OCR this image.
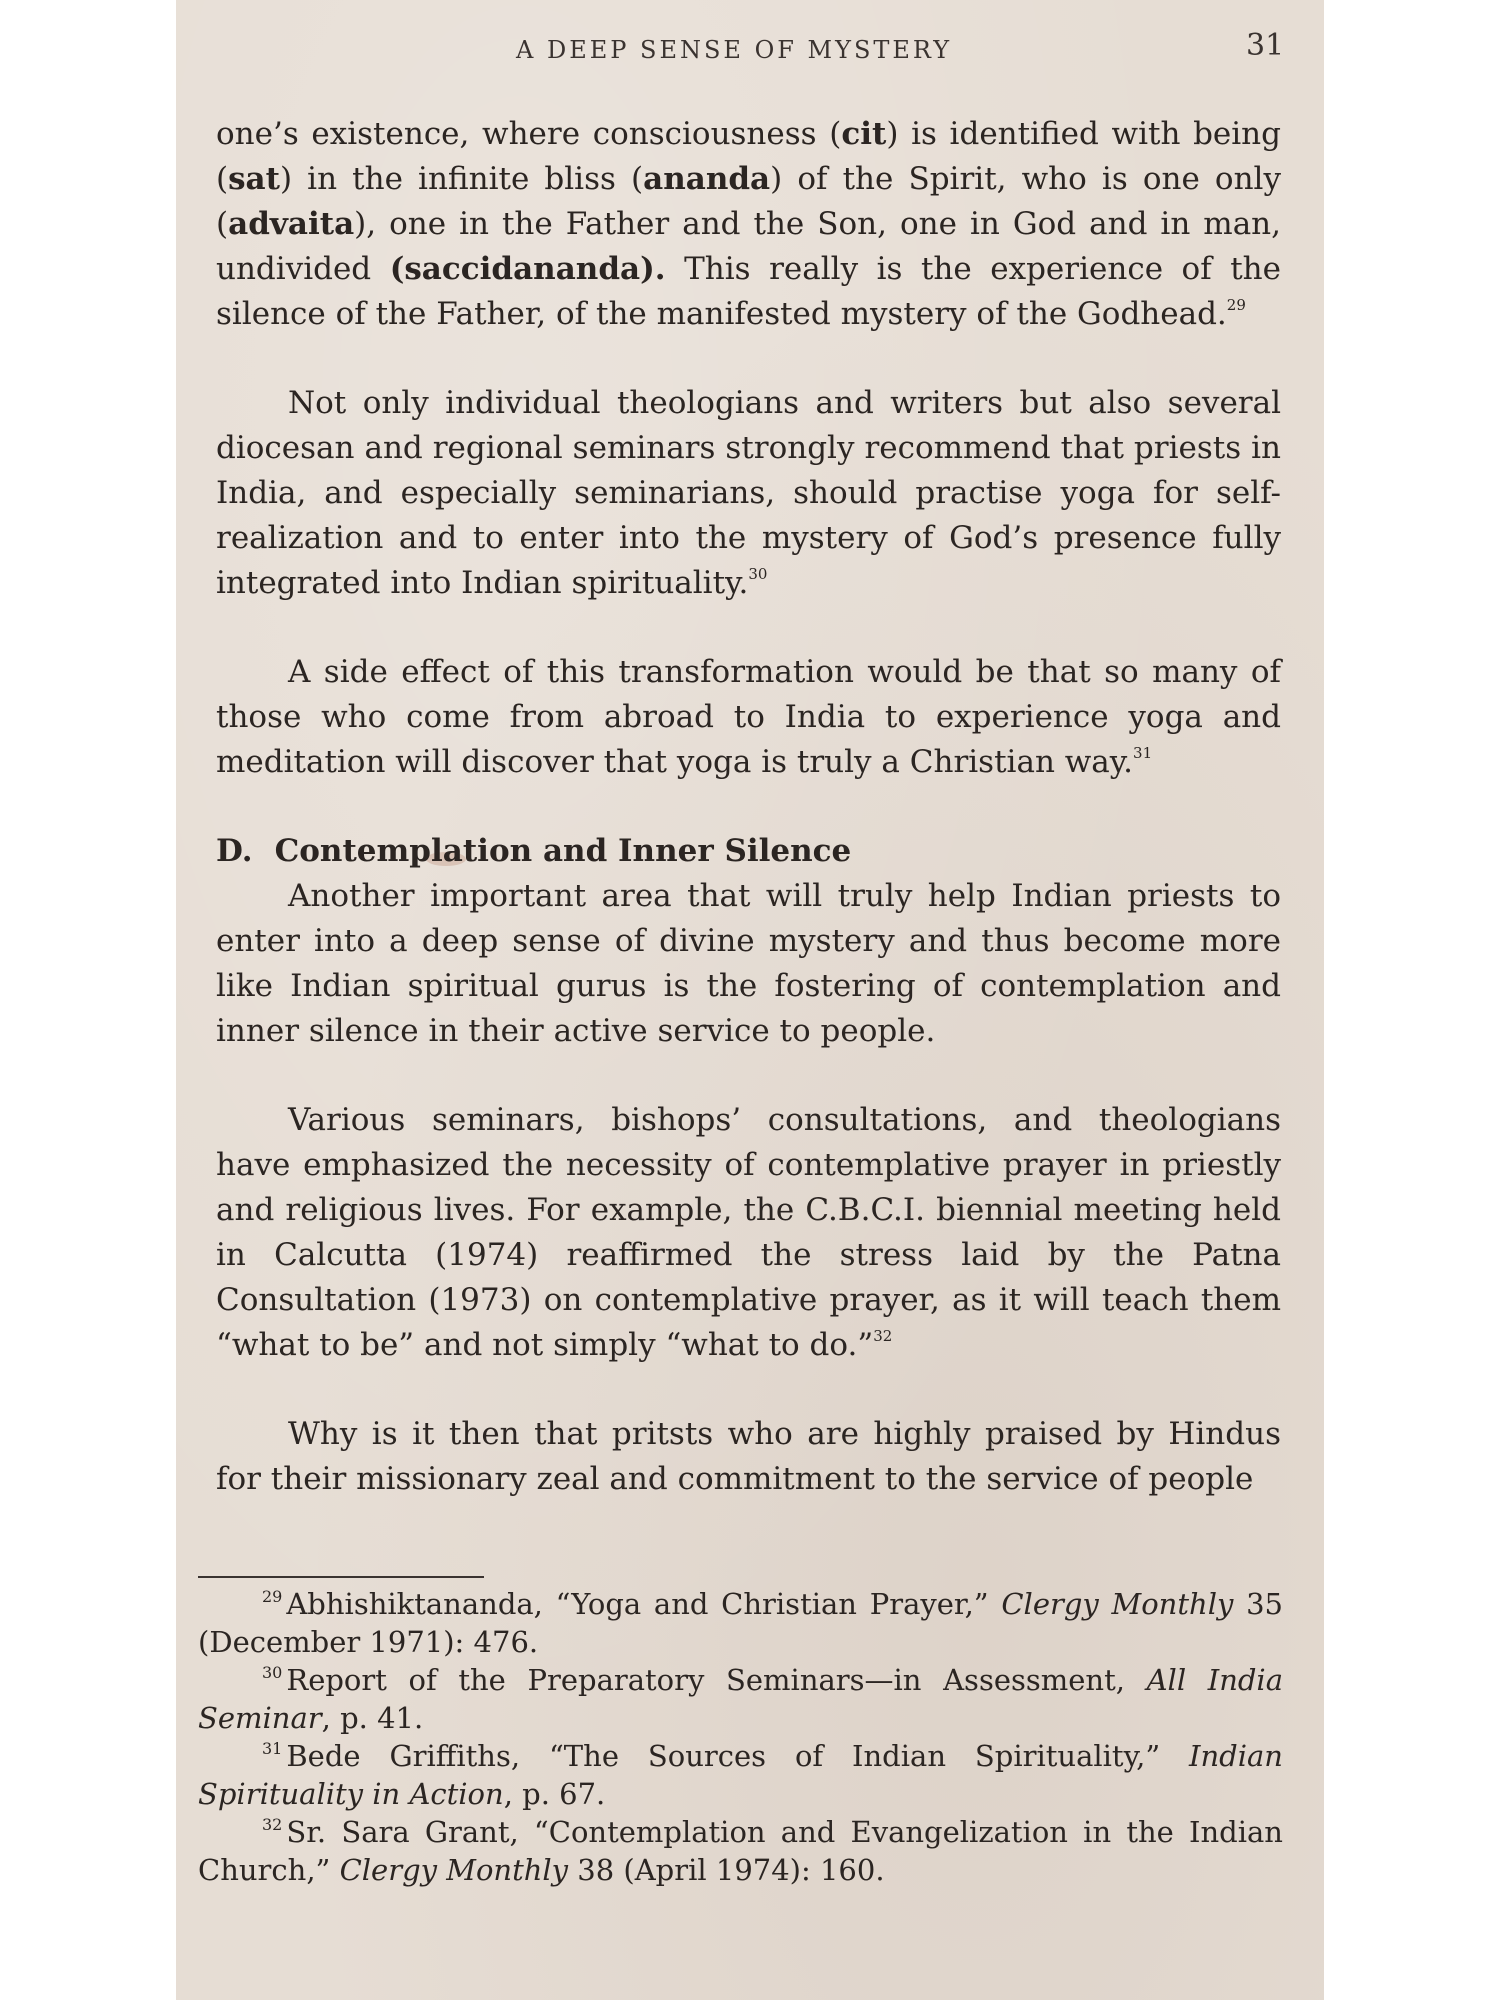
A DEEP SENSE OF MYSTERY	31

one’s existence, where consciousness (cit) is identified with being (sat) in the infinite bliss (ananda) of the Spirit, who is one only (advaita), one in the Father and the Son, one in God and in man, undivided (saccidananda). This really is the experience of the silence of the Father, of the manifested mystery of the Godhead.$^{29}$

Not only individual theologians and writers but also several diocesan and regional seminars strongly recommend that priests in India, and especially seminarians, should practise yoga for self-realization and to enter into the mystery of God’s presence fully integrated into Indian spirituality.$^{30}$

A side effect of this transformation would be that so many of those who come from abroad to India to experience yoga and meditation will discover that yoga is truly a Christian way.$^{31}$

D. Contemplation and Inner Silence

Another important area that will truly help Indian priests to enter into a deep sense of divine mystery and thus become more like Indian spiritual gurus is the fostering of contemplation and inner silence in their active service to people.

Various seminars, bishops’ consultations, and theologians have emphasized the necessity of contemplative prayer in priestly and religious lives. For example, the C.B.C.I. biennial meeting held in Calcutta (1974) reaffirmed the stress laid by the Patna Consultation (1973) on contemplative prayer, as it will teach them “what to be” and not simply “what to do.”$^{32}$

Why is it then that pritsts who are highly praised by Hindus for their missionary zeal and commitment to the service of people

$^{29}$ Abhishiktananda, “Yoga and Christian Prayer,” Clergy Monthly 35 (December 1971): 476.

$^{30}$ Report of the Preparatory Seminars—in Assessment, All India Seminar, p. 41.

$^{31}$ Bede Griffiths, “The Sources of Indian Spirituality,” Indian Spirituality in Action, p. 67.

$^{32}$ Sr. Sara Grant, “Contemplation and Evangelization in the Indian Church,” Clergy Monthly 38 (April 1974): 160.
